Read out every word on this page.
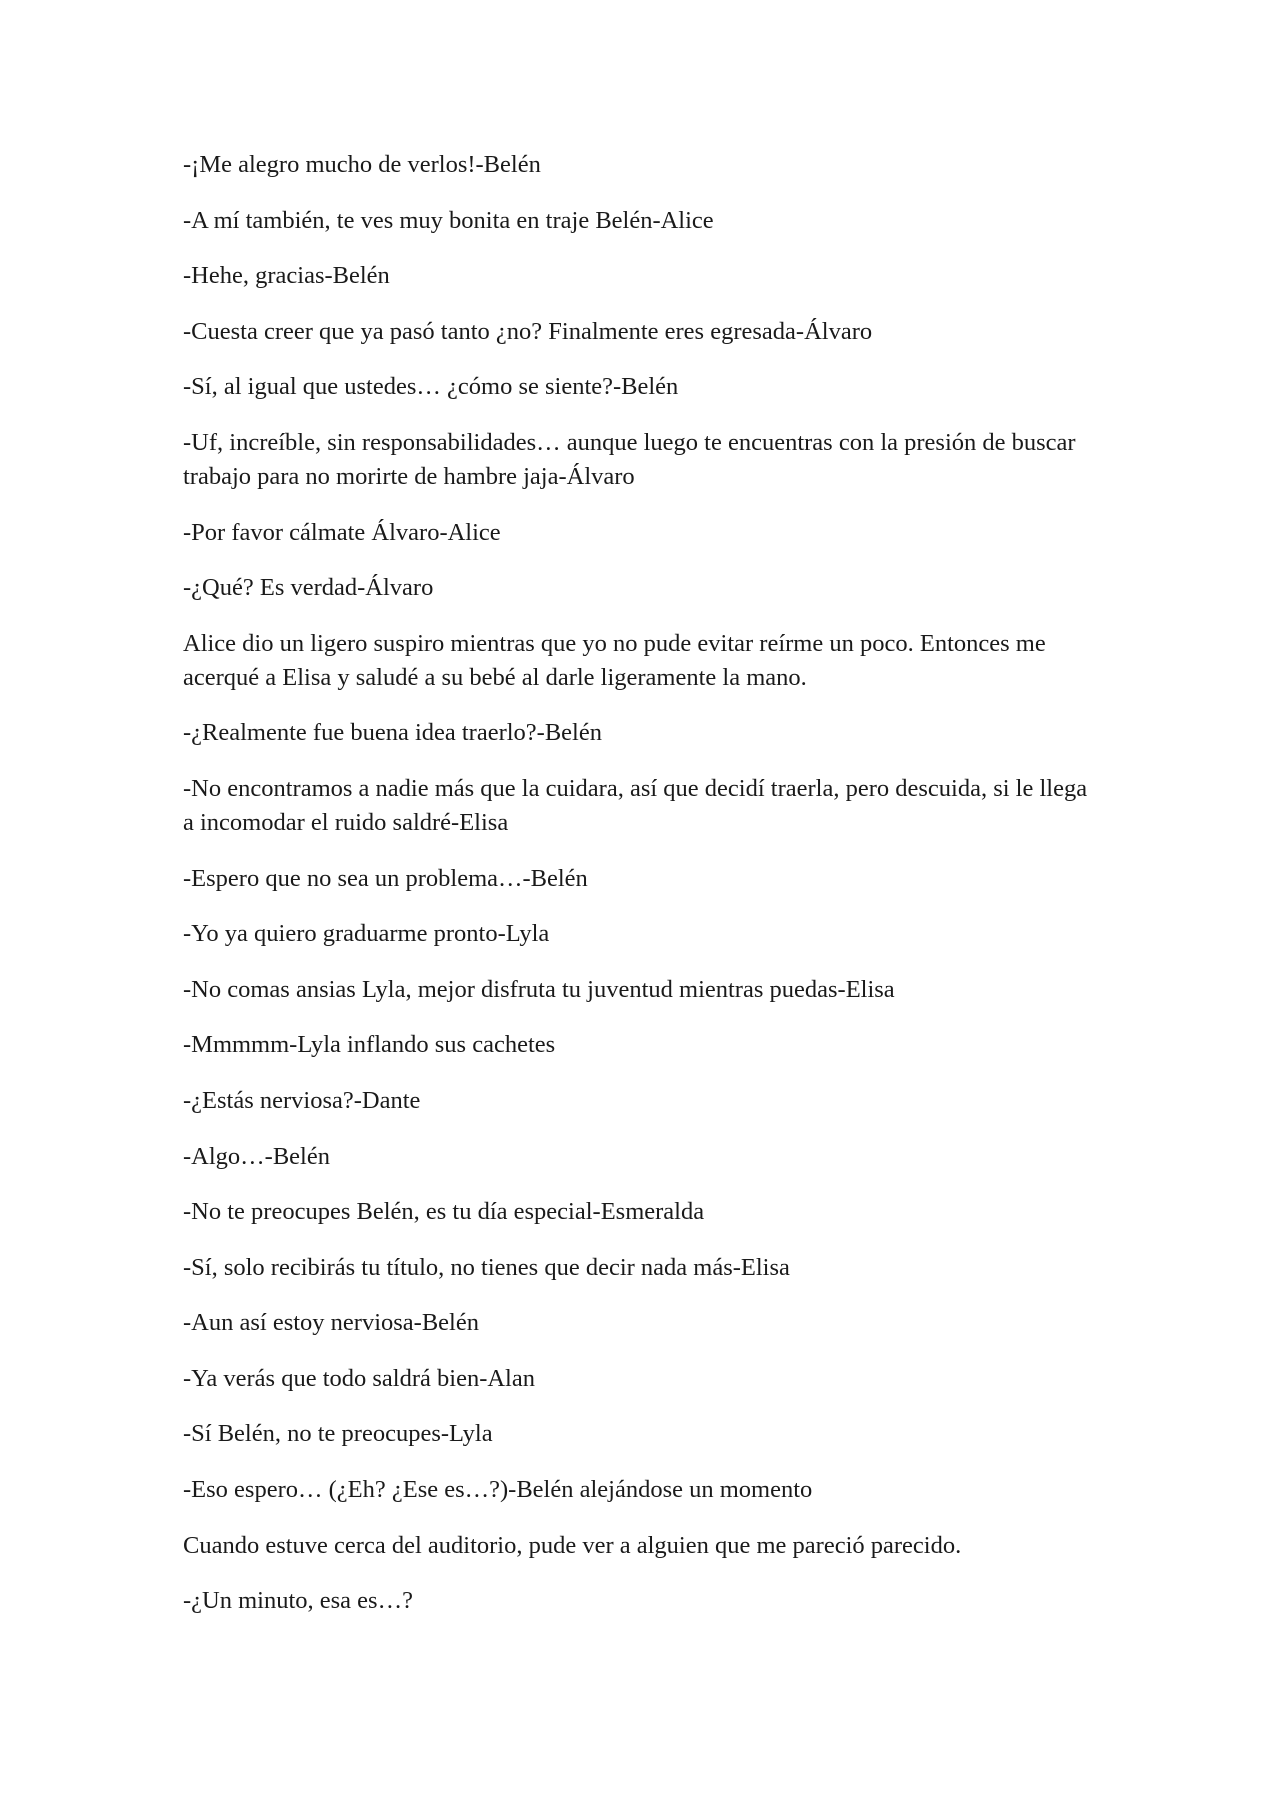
-¡Me alegro mucho de verlos!-Belén

-A mí también, te ves muy bonita en traje Belén-Alice

-Hehe, gracias-Belén

-Cuesta creer que ya pasó tanto ¿no? Finalmente eres egresada-Álvaro

-Sí, al igual que ustedes… ¿cómo se siente?-Belén

-Uf, increíble, sin responsabilidades… aunque luego te encuentras con la presión de buscar trabajo para no morirte de hambre jaja-Álvaro

-Por favor cálmate Álvaro-Alice

-¿Qué? Es verdad-Álvaro

Alice dio un ligero suspiro mientras que yo no pude evitar reírme un poco. Entonces me acerqué a Elisa y saludé a su bebé al darle ligeramente la mano.

-¿Realmente fue buena idea traerlo?-Belén

-No encontramos a nadie más que la cuidara, así que decidí traerla, pero descuida, si le llega a incomodar el ruido saldré-Elisa

-Espero que no sea un problema…-Belén

-Yo ya quiero graduarme pronto-Lyla

-No comas ansias Lyla, mejor disfruta tu juventud mientras puedas-Elisa

-Mmmmm-Lyla inflando sus cachetes

-¿Estás nerviosa?-Dante

-Algo…-Belén

-No te preocupes Belén, es tu día especial-Esmeralda

-Sí, solo recibirás tu título, no tienes que decir nada más-Elisa

-Aun así estoy nerviosa-Belén

-Ya verás que todo saldrá bien-Alan

-Sí Belén, no te preocupes-Lyla

-Eso espero… (¿Eh? ¿Ese es…?)-Belén alejándose un momento

Cuando estuve cerca del auditorio, pude ver a alguien que me pareció parecido.

-¿Un minuto, esa es…?
